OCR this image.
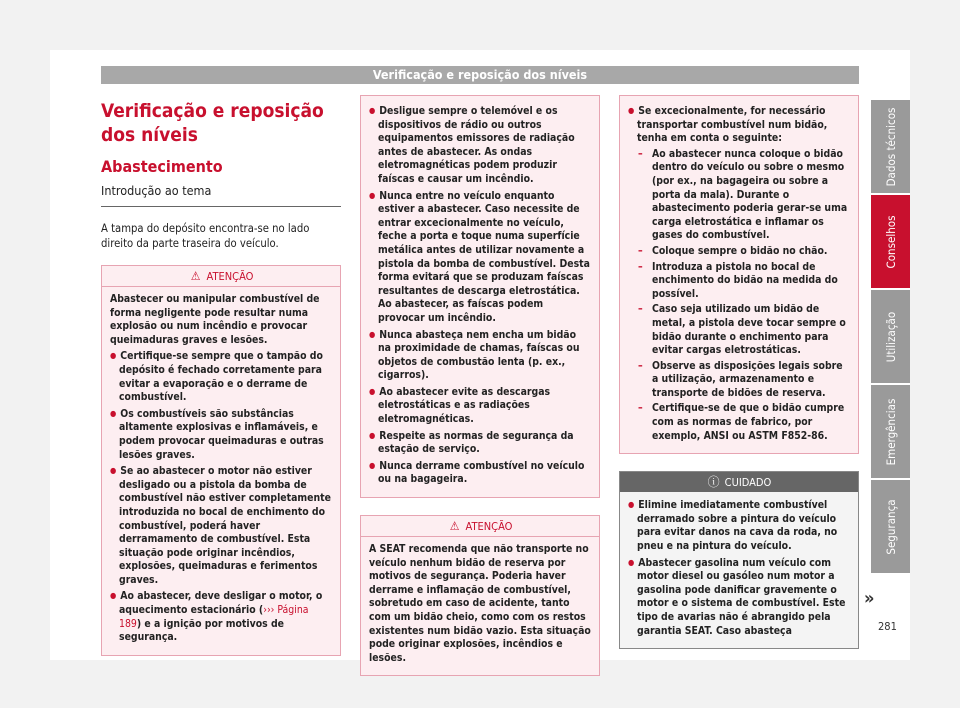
Verificação e reposição dos níveis
Verificação e reposição dos níveis
Abastecimento
Introdução ao tema

A tampa do depósito encontra-se no lado direito da parte traseira do veículo.

⚠ ATENÇÃO

Abastecer ou manipular combustível de forma negligente pode resultar numa explosão ou num incêndio e provocar queimaduras graves e lesões.

● Certifique-se sempre que o tampão do depósito é fechado corretamente para evitar a evaporação e o derrame de combustível.

● Os combustíveis são substâncias altamente explosivas e inflamáveis, e podem provocar queimaduras e outras lesões graves.

● Se ao abastecer o motor não estiver desligado ou a pistola da bomba de combustível não estiver completamente introduzida no bocal de enchimento do combustível, poderá haver derramamento de combustível. Esta situação pode originar incêndios, explosões, queimaduras e ferimentos graves.

● Ao abastecer, deve desligar o motor, o aquecimento estacionário (››› Página 189) e a ignição por motivos de segurança.

● Desligue sempre o telemóvel e os dispositivos de rádio ou outros equipamentos emissores de radiação antes de abastecer. As ondas eletromagnéticas podem produzir faíscas e causar um incêndio.

● Nunca entre no veículo enquanto estiver a abastecer. Caso necessite de entrar excecionalmente no veículo, feche a porta e toque numa superfície metálica antes de utilizar novamente a pistola da bomba de combustível. Desta forma evitará que se produzam faíscas resultantes de descarga eletrostática. Ao abastecer, as faíscas podem provocar um incêndio.

● Nunca abasteça nem encha um bidão na proximidade de chamas, faíscas ou objetos de combustão lenta (p. ex., cigarros).

● Ao abastecer evite as descargas eletrostáticas e as radiações eletromagnéticas.

● Respeite as normas de segurança da estação de serviço.

● Nunca derrame combustível no veículo ou na bagageira.

⚠ ATENÇÃO

A SEAT recomenda que não transporte no veículo nenhum bidão de reserva por motivos de segurança. Poderia haver derrame e inflamação de combustível, sobretudo em caso de acidente, tanto com um bidão cheio, como com os restos existentes num bidão vazio. Esta situação pode originar explosões, incêndios e lesões.

● Se excecionalmente, for necessário transportar combustível num bidão, tenha em conta o seguinte:

– Ao abastecer nunca coloque o bidão dentro do veículo ou sobre o mesmo (por ex., na bagageira ou sobre a porta da mala). Durante o abastecimento poderia gerar-se uma carga eletrostática e inflamar os gases do combustível.

– Coloque sempre o bidão no chão.

– Introduza a pistola no bocal de enchimento do bidão na medida do possível.

– Caso seja utilizado um bidão de metal, a pistola deve tocar sempre o bidão durante o enchimento para evitar cargas eletrostáticas.

– Observe as disposições legais sobre a utilização, armazenamento e transporte de bidões de reserva.

– Certifique-se de que o bidão cumpre com as normas de fabrico, por exemplo, ANSI ou ASTM F852-86.

ⓘ CUIDADO

● Elimine imediatamente combustível derramado sobre a pintura do veículo para evitar danos na cava da roda, no pneu e na pintura do veículo.

● Abastecer gasolina num veículo com motor diesel ou gasóleo num motor a gasolina pode danificar gravemente o motor e o sistema de combustível. Este tipo de avarias não é abrangido pela garantia SEAT. Caso abasteça

»
Dados técnicos
Conselhos
Utilização
Emergências
Segurança
281
